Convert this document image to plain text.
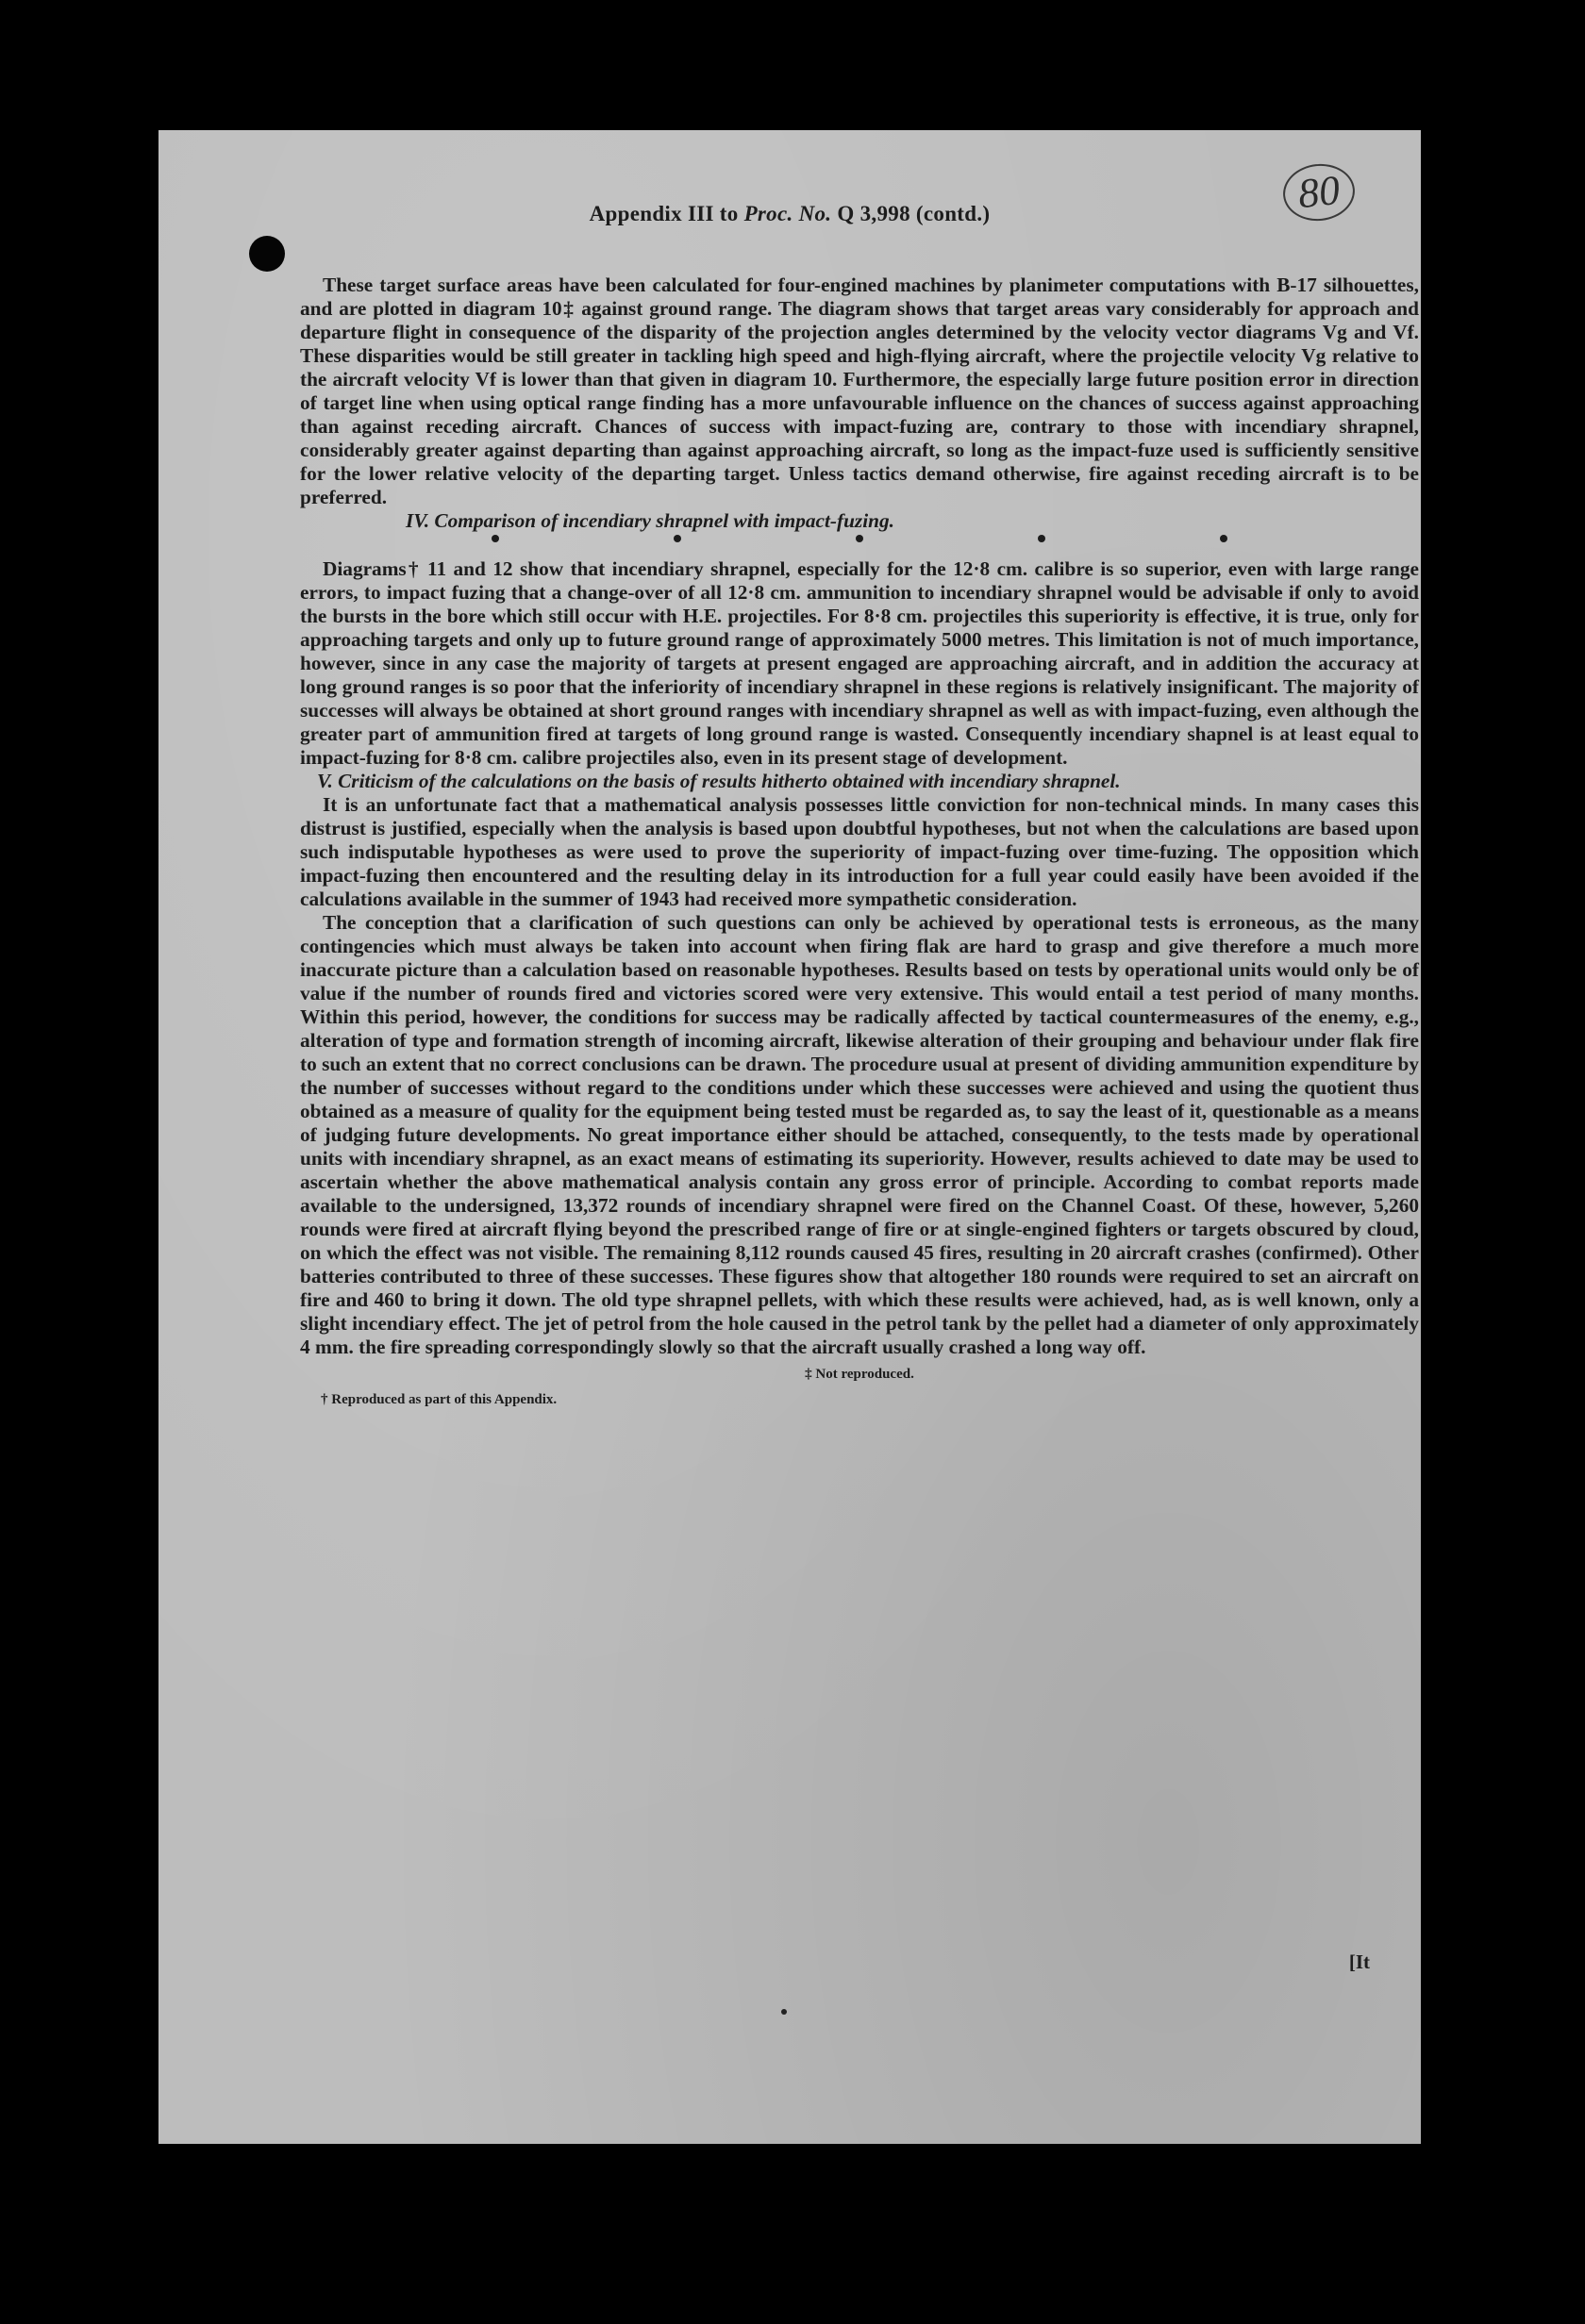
80
Appendix III to Proc. No. Q 3,998 (contd.)

These target surface areas have been calculated for four-engined machines by planimeter computations with B-17 silhouettes, and are plotted in diagram 10‡ against ground range. The diagram shows that target areas vary considerably for approach and departure flight in consequence of the disparity of the projection angles determined by the velocity vector diagrams Vg and Vf. These disparities would be still greater in tackling high speed and high-flying aircraft, where the projectile velocity Vg relative to the aircraft velocity Vf is lower than that given in diagram 10. Furthermore, the especially large future position error in direction of target line when using optical range finding has a more unfavourable influence on the chances of success against approaching than against receding aircraft. Chances of success with impact-fuzing are, contrary to those with incendiary shrapnel, considerably greater against departing than against approaching aircraft, so long as the impact-fuze used is sufficiently sensitive for the lower relative velocity of the departing target. Unless tactics demand otherwise, fire against receding aircraft is to be preferred.

IV. Comparison of incendiary shrapnel with impact-fuzing.

Diagrams† 11 and 12 show that incendiary shrapnel, especially for the 12·8 cm. calibre is so superior, even with large range errors, to impact fuzing that a change-over of all 12·8 cm. ammunition to incendiary shrapnel would be advisable if only to avoid the bursts in the bore which still occur with H.E. projectiles. For 8·8 cm. projectiles this superiority is effective, it is true, only for approaching targets and only up to future ground range of approximately 5000 metres. This limitation is not of much importance, however, since in any case the majority of targets at present engaged are approaching aircraft, and in addition the accuracy at long ground ranges is so poor that the inferiority of incendiary shrapnel in these regions is relatively insignificant. The majority of successes will always be obtained at short ground ranges with incendiary shrapnel as well as with impact-fuzing, even although the greater part of ammunition fired at targets of long ground range is wasted. Consequently incendiary shapnel is at least equal to impact-fuzing for 8·8 cm. calibre projectiles also, even in its present stage of development.

V. Criticism of the calculations on the basis of results hitherto obtained with incendiary shrapnel.

It is an unfortunate fact that a mathematical analysis possesses little conviction for non-technical minds. In many cases this distrust is justified, especially when the analysis is based upon doubtful hypotheses, but not when the calculations are based upon such indisputable hypotheses as were used to prove the superiority of impact-fuzing over time-fuzing. The opposition which impact-fuzing then encountered and the resulting delay in its introduction for a full year could easily have been avoided if the calculations available in the summer of 1943 had received more sympathetic consideration.

The conception that a clarification of such questions can only be achieved by operational tests is erroneous, as the many contingencies which must always be taken into account when firing flak are hard to grasp and give therefore a much more inaccurate picture than a calculation based on reasonable hypotheses. Results based on tests by operational units would only be of value if the number of rounds fired and victories scored were very extensive. This would entail a test period of many months. Within this period, however, the conditions for success may be radically affected by tactical countermeasures of the enemy, e.g., alteration of type and formation strength of incoming aircraft, likewise alteration of their grouping and behaviour under flak fire to such an extent that no correct conclusions can be drawn. The procedure usual at present of dividing ammunition expenditure by the number of successes without regard to the conditions under which these successes were achieved and using the quotient thus obtained as a measure of quality for the equipment being tested must be regarded as, to say the least of it, questionable as a means of judging future developments. No great importance either should be attached, consequently, to the tests made by operational units with incendiary shrapnel, as an exact means of estimating its superiority. However, results achieved to date may be used to ascertain whether the above mathematical analysis contain any gross error of principle. According to combat reports made available to the undersigned, 13,372 rounds of incendiary shrapnel were fired on the Channel Coast. Of these, however, 5,260 rounds were fired at aircraft flying beyond the prescribed range of fire or at single-engined fighters or targets obscured by cloud, on which the effect was not visible. The remaining 8,112 rounds caused 45 fires, resulting in 20 aircraft crashes (confirmed). Other batteries contributed to three of these successes. These figures show that altogether 180 rounds were required to set an aircraft on fire and 460 to bring it down. The old type shrapnel pellets, with which these results were achieved, had, as is well known, only a slight incendiary effect. The jet of petrol from the hole caused in the petrol tank by the pellet had a diameter of only approximately 4 mm. the fire spreading correspondingly slowly so that the aircraft usually crashed a long way off.

‡ Not reproduced.
† Reproduced as part of this Appendix.
[It
